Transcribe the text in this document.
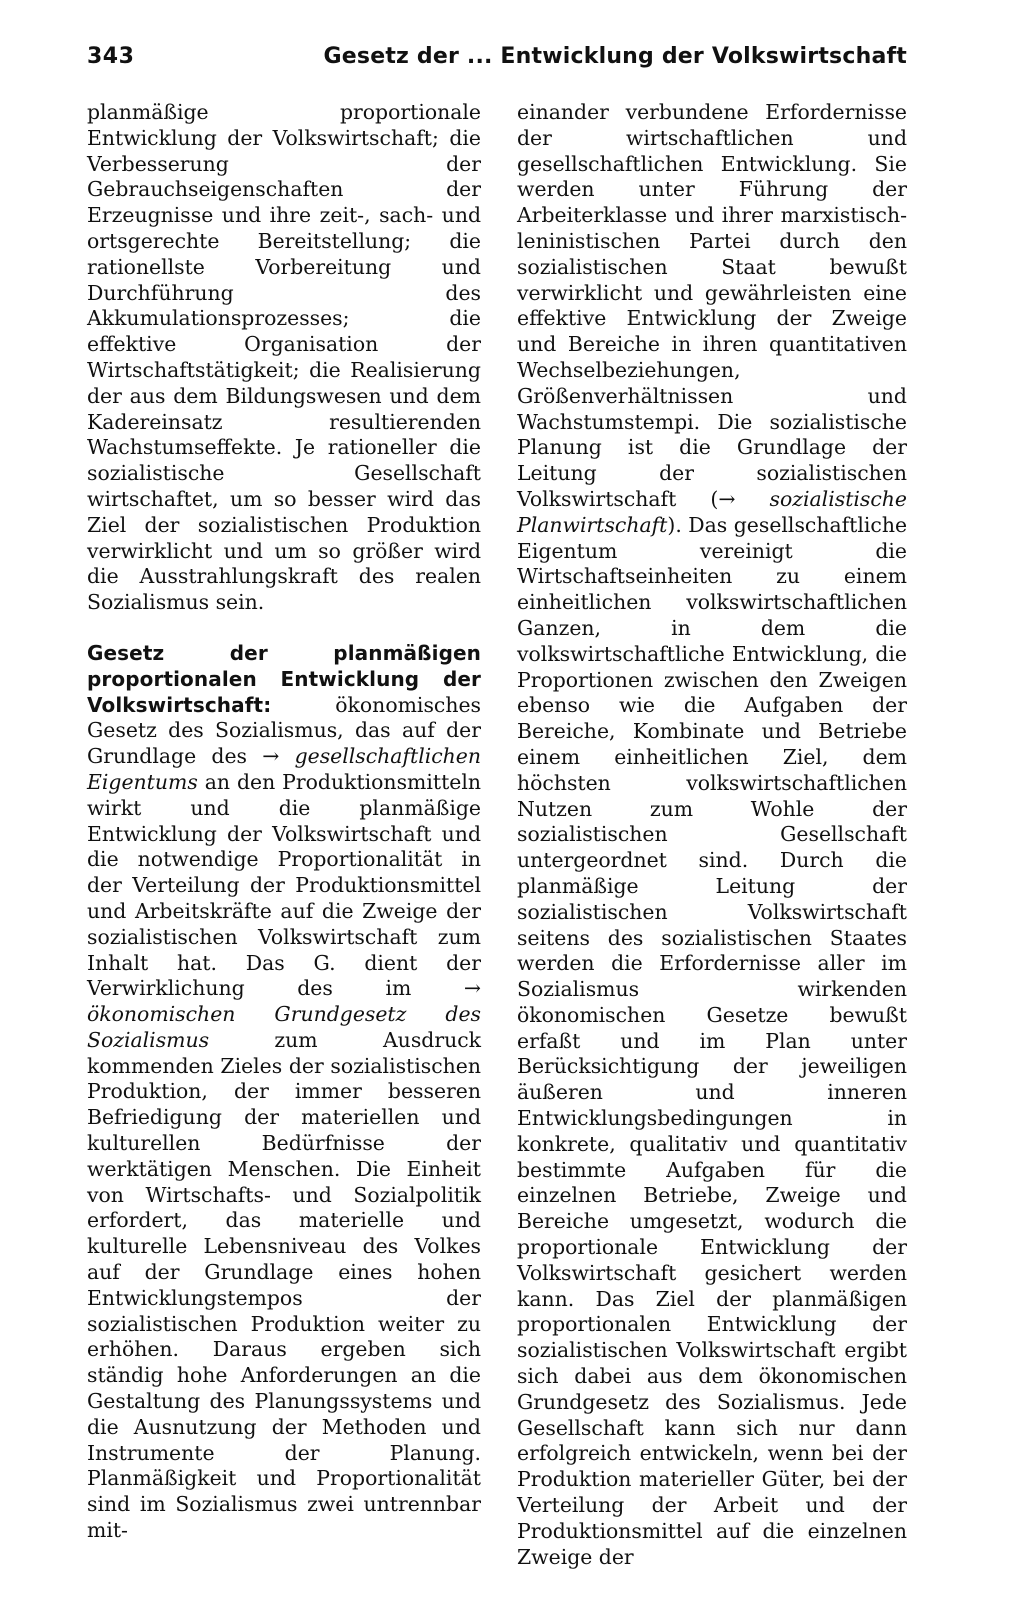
343	Gesetz der ... Entwicklung der Volkswirtschaft

planmäßige proportionale Entwicklung der Volkswirtschaft; die Verbesserung der Gebrauchseigenschaften der Erzeugnisse und ihre zeit-, sach- und ortsgerechte Bereitstellung; die rationellste Vorbereitung und Durchführung des Akkumulationsprozesses; die effektive Organisation der Wirtschaftstätigkeit; die Realisierung der aus dem Bildungswesen und dem Kadereinsatz resultierenden Wachstumseffekte. Je rationeller die sozialistische Gesellschaft wirtschaftet, um so besser wird das Ziel der sozialistischen Produktion verwirklicht und um so größer wird die Ausstrahlungskraft des realen Sozialismus sein.

Gesetz der planmäßigen proportionalen Entwicklung der Volkswirtschaft: ökonomisches Gesetz des Sozialismus, das auf der Grundlage des → gesellschaftlichen Eigentums an den Produktionsmitteln wirkt und die planmäßige Entwicklung der Volkswirtschaft und die notwendige Proportionalität in der Verteilung der Produktionsmittel und Arbeitskräfte auf die Zweige der sozialistischen Volkswirtschaft zum Inhalt hat. Das G. dient der Verwirklichung des im → ökonomischen Grundgesetz des Sozialismus zum Ausdruck kommenden Zieles der sozialistischen Produktion, der immer besseren Befriedigung der materiellen und kulturellen Bedürfnisse der werktätigen Menschen. Die Einheit von Wirtschafts- und Sozialpolitik erfordert, das materielle und kulturelle Lebensniveau des Volkes auf der Grundlage eines hohen Entwicklungstempos der sozialistischen Produktion weiter zu erhöhen. Daraus ergeben sich ständig hohe Anforderungen an die Gestaltung des Planungssystems und die Ausnutzung der Methoden und Instrumente der Planung. Planmäßigkeit und Proportionalität sind im Sozialismus zwei untrennbar mit-

einander verbundene Erfordernisse der wirtschaftlichen und gesellschaftlichen Entwicklung. Sie werden unter Führung der Arbeiterklasse und ihrer marxistisch-leninistischen Partei durch den sozialistischen Staat bewußt verwirklicht und gewährleisten eine effektive Entwicklung der Zweige und Bereiche in ihren quantitativen Wechselbeziehungen, Größenverhältnissen und Wachstumstempi. Die sozialistische Planung ist die Grundlage der Leitung der sozialistischen Volkswirtschaft (→ sozialistische Planwirtschaft). Das gesellschaftliche Eigentum vereinigt die Wirtschaftseinheiten zu einem einheitlichen volkswirtschaftlichen Ganzen, in dem die volkswirtschaftliche Entwicklung, die Proportionen zwischen den Zweigen ebenso wie die Aufgaben der Bereiche, Kombinate und Betriebe einem einheitlichen Ziel, dem höchsten volkswirtschaftlichen Nutzen zum Wohle der sozialistischen Gesellschaft untergeordnet sind. Durch die planmäßige Leitung der sozialistischen Volkswirtschaft seitens des sozialistischen Staates werden die Erfordernisse aller im Sozialismus wirkenden ökonomischen Gesetze bewußt erfaßt und im Plan unter Berücksichtigung der jeweiligen äußeren und inneren Entwicklungsbedingungen in konkrete, qualitativ und quantitativ bestimmte Aufgaben für die einzelnen Betriebe, Zweige und Bereiche umgesetzt, wodurch die proportionale Entwicklung der Volkswirtschaft gesichert werden kann. Das Ziel der planmäßigen proportionalen Entwicklung der sozialistischen Volkswirtschaft ergibt sich dabei aus dem ökonomischen Grundgesetz des Sozialismus. Jede Gesellschaft kann sich nur dann erfolgreich entwickeln, wenn bei der Produktion materieller Güter, bei der Verteilung der Arbeit und der Produktionsmittel auf die einzelnen Zweige der
